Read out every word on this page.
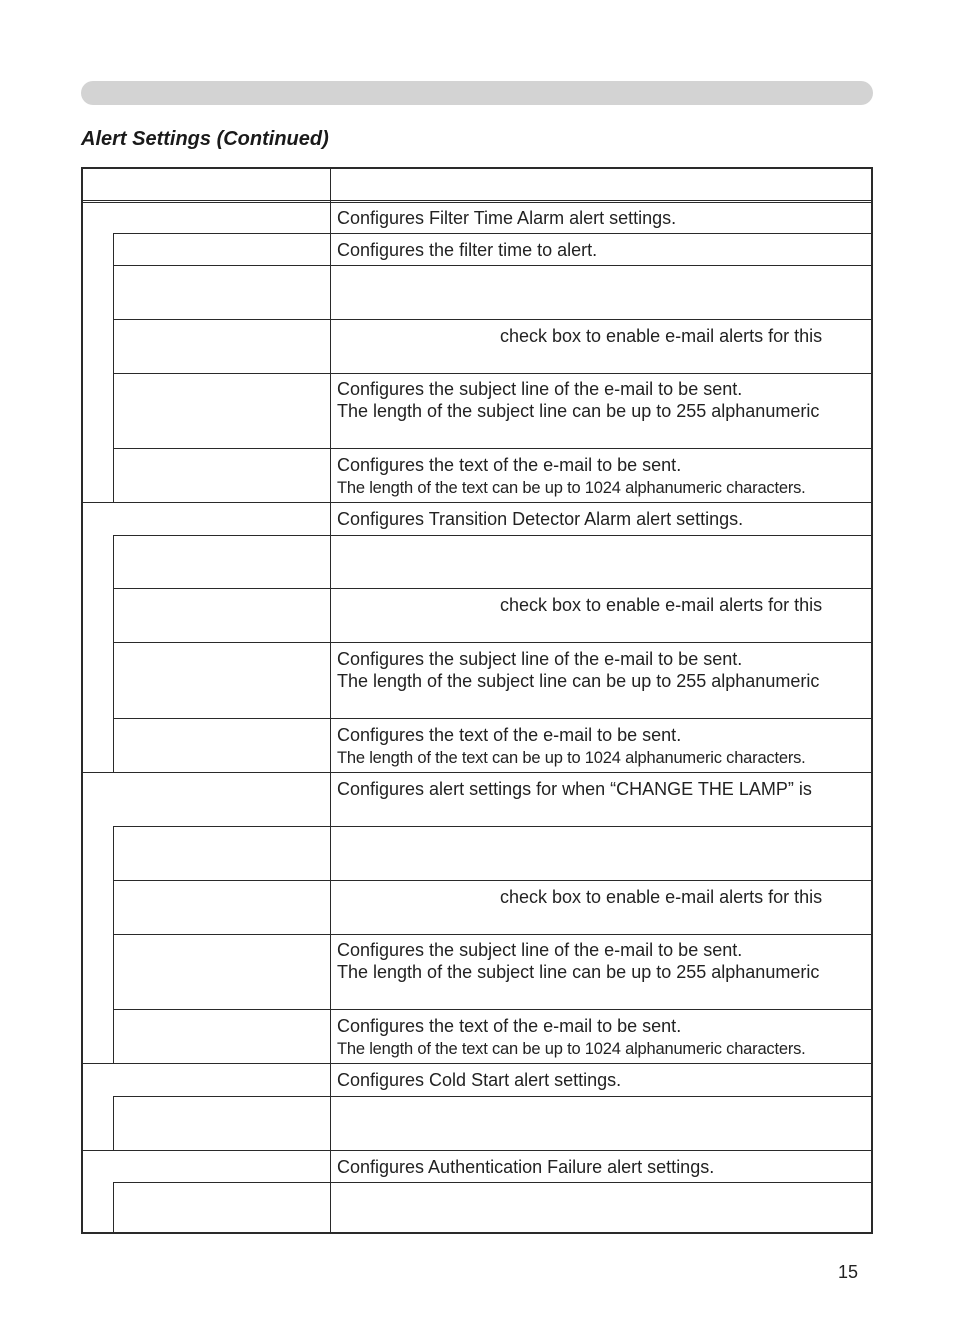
Alert Settings (Continued)
Configures Filter Time Alarm alert settings.
Configures the filter time to alert.
check box to enable e-mail alerts for this
Configures the subject line of the e-mail to be sent.
The length of the subject line can be up to 255 alphanumeric
Configures the text of the e-mail to be sent.
The length of the text can be up to 1024 alphanumeric characters.
Configures Transition Detector Alarm alert settings.
check box to enable e-mail alerts for this
Configures the subject line of the e-mail to be sent.
The length of the subject line can be up to 255 alphanumeric
Configures the text of the e-mail to be sent.
The length of the text can be up to 1024 alphanumeric characters.
Configures alert settings for when “CHANGE THE LAMP” is
check box to enable e-mail alerts for this
Configures the subject line of the e-mail to be sent.
The length of the subject line can be up to 255 alphanumeric
Configures the text of the e-mail to be sent.
The length of the text can be up to 1024 alphanumeric characters.
Configures Cold Start alert settings.
Configures Authentication Failure alert settings.
15
